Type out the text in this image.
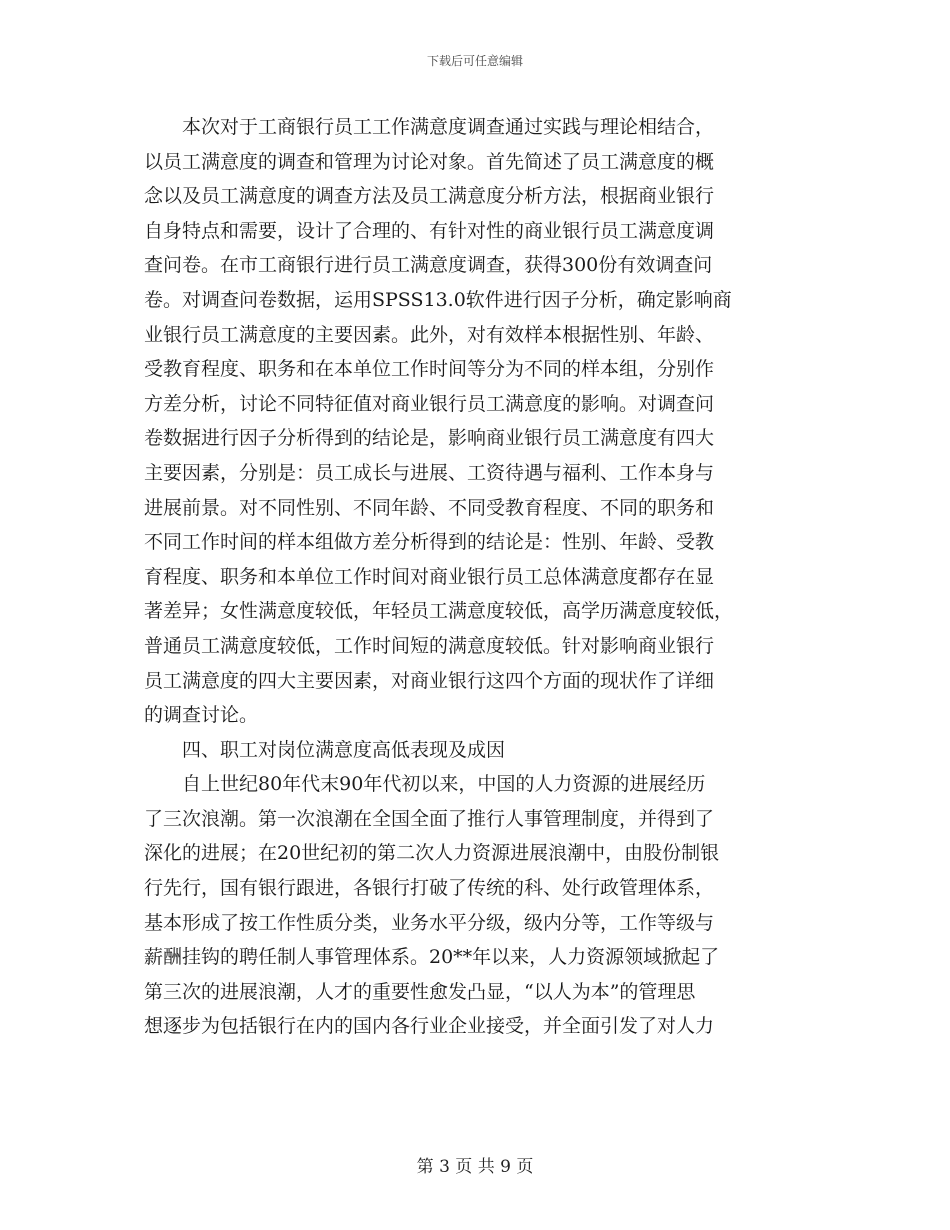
下载后可任意编辑
　　本次对于工商银行员工工作满意度调查通过实践与理论相结合，
以员工满意度的调查和管理为讨论对象。首先简述了员工满意度的概
念以及员工满意度的调查方法及员工满意度分析方法，根据商业银行
自身特点和需要，设计了合理的、有针对性的商业银行员工满意度调
查问卷。在市工商银行进行员工满意度调查，获得300份有效调查问
卷。对调查问卷数据，运用SPSS13.0软件进行因子分析，确定影响商
业银行员工满意度的主要因素。此外，对有效样本根据性别、年龄、
受教育程度、职务和在本单位工作时间等分为不同的样本组，分别作
方差分析，讨论不同特征值对商业银行员工满意度的影响。对调查问
卷数据进行因子分析得到的结论是，影响商业银行员工满意度有四大
主要因素，分别是：员工成长与进展、工资待遇与福利、工作本身与
进展前景。对不同性别、不同年龄、不同受教育程度、不同的职务和
不同工作时间的样本组做方差分析得到的结论是：性别、年龄、受教
育程度、职务和本单位工作时间对商业银行员工总体满意度都存在显
著差异；女性满意度较低，年轻员工满意度较低，高学历满意度较低，
普通员工满意度较低，工作时间短的满意度较低。针对影响商业银行
员工满意度的四大主要因素，对商业银行这四个方面的现状作了详细
的调查讨论。
　　四、职工对岗位满意度高低表现及成因
　　自上世纪80年代末90年代初以来，中国的人力资源的进展经历
了三次浪潮。第一次浪潮在全国全面了推行人事管理制度，并得到了
深化的进展；在20世纪初的第二次人力资源进展浪潮中，由股份制银
行先行，国有银行跟进，各银行打破了传统的科、处行政管理体系，
基本形成了按工作性质分类，业务水平分级，级内分等，工作等级与
薪酬挂钩的聘任制人事管理体系。20**年以来，人力资源领域掀起了
第三次的进展浪潮，人才的重要性愈发凸显，“以人为本”的管理思
想逐步为包括银行在内的国内各行业企业接受，并全面引发了对人力
第 3 页 共 9 页
